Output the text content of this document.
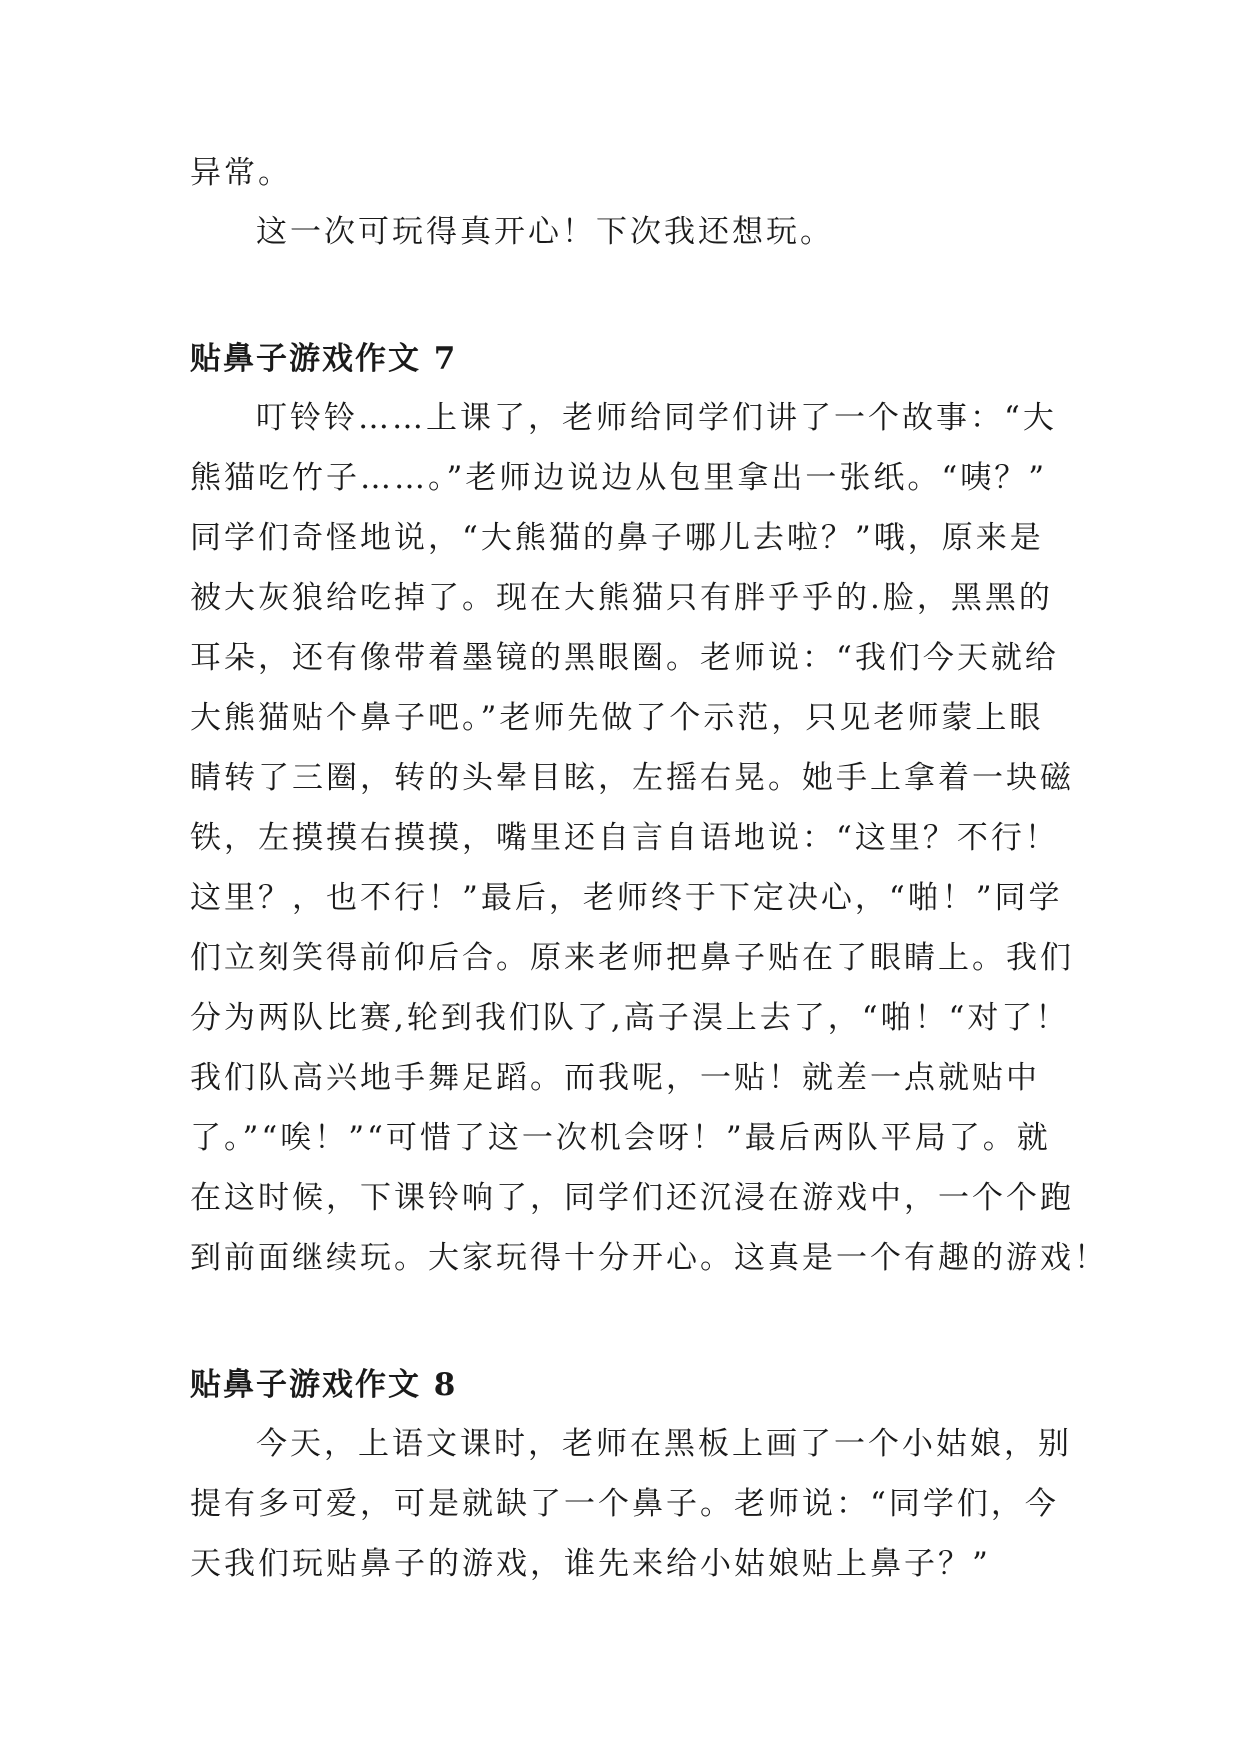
异常。

这一次可玩得真开心！下次我还想玩。

贴鼻子游戏作文 7

叮铃铃……上课了，老师给同学们讲了一个故事：“大

熊猫吃竹子……。”老师边说边从包里拿出一张纸。“咦？”

同学们奇怪地说，“大熊猫的鼻子哪儿去啦？”哦，原来是

被大灰狼给吃掉了。现在大熊猫只有胖乎乎的.脸，黑黑的

耳朵，还有像带着墨镜的黑眼圈。老师说：“我们今天就给

大熊猫贴个鼻子吧。”老师先做了个示范，只见老师蒙上眼

睛转了三圈，转的头晕目眩，左摇右晃。她手上拿着一块磁

铁，左摸摸右摸摸，嘴里还自言自语地说：“这里？不行！

这里？，也不行！”最后，老师终于下定决心，“啪！”同学

们立刻笑得前仰后合。原来老师把鼻子贴在了眼睛上。我们

分为两队比赛,轮到我们队了,高子淏上去了，“啪！“对了！

我们队高兴地手舞足蹈。而我呢，一贴！就差一点就贴中

了。”“唉！”“可惜了这一次机会呀！”最后两队平局了。就

在这时候，下课铃响了，同学们还沉浸在游戏中，一个个跑

到前面继续玩。大家玩得十分开心。这真是一个有趣的游戏！

贴鼻子游戏作文 8

今天，上语文课时，老师在黑板上画了一个小姑娘，别

提有多可爱，可是就缺了一个鼻子。老师说：“同学们，今

天我们玩贴鼻子的游戏，谁先来给小姑娘贴上鼻子？”
